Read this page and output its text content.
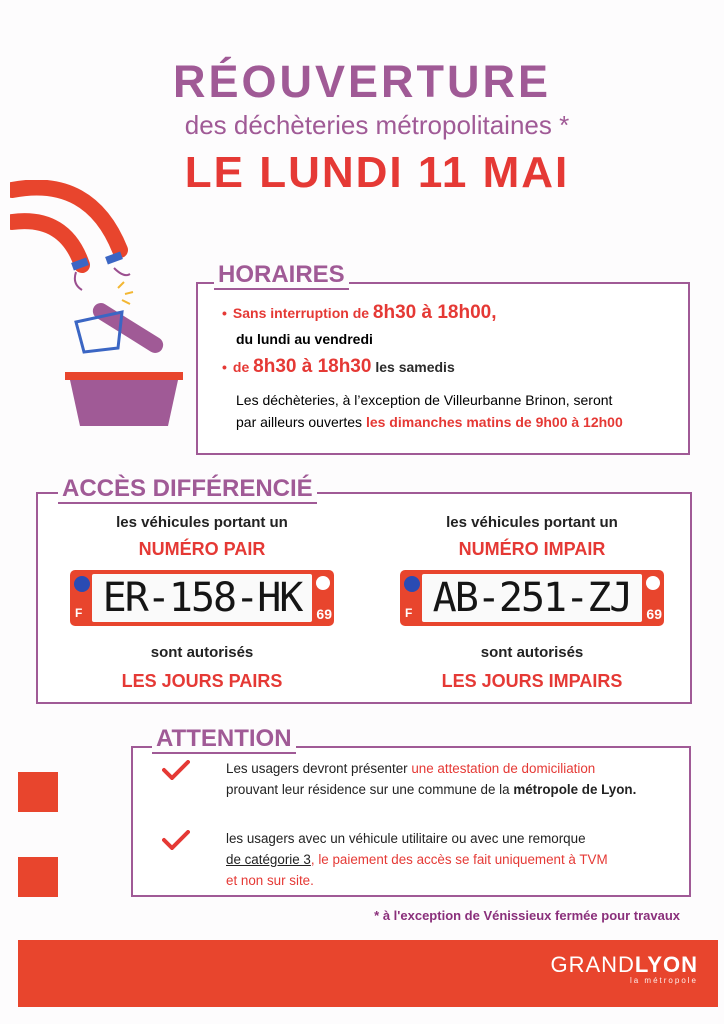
RÉOUVERTURE
des déchèteries métropolitaines *
LE LUNDI 11 MAI
HORAIRES
• Sans interruption de 8h30 à 18h00,
du lundi au vendredi
• de 8h30 à 18h30 les samedis
Les déchèteries, à l’exception de Villeurbanne Brinon, seront
par ailleurs ouvertes les dimanches matins de 9h00 à 12h00
ACCÈS DIFFÉRENCIÉ
les véhicules portant un
NUMÉRO PAIR
F ER-158-HK	69
sont autorisés
LES JOURS PAIRS
les véhicules portant un
NUMÉRO IMPAIR
F AB-251-ZJ	69
sont autorisés
LES JOURS IMPAIRS
ATTENTION
Les usagers devront présenter une attestation de domiciliation
prouvant leur résidence sur une commune de la métropole de Lyon.
les usagers avec un véhicule utilitaire ou avec une remorque
de catégorie 3, le paiement des accès se fait uniquement à TVM
et non sur site.
* à l'exception de Vénissieux fermée pour travaux
GRANDLYON
la métropole
